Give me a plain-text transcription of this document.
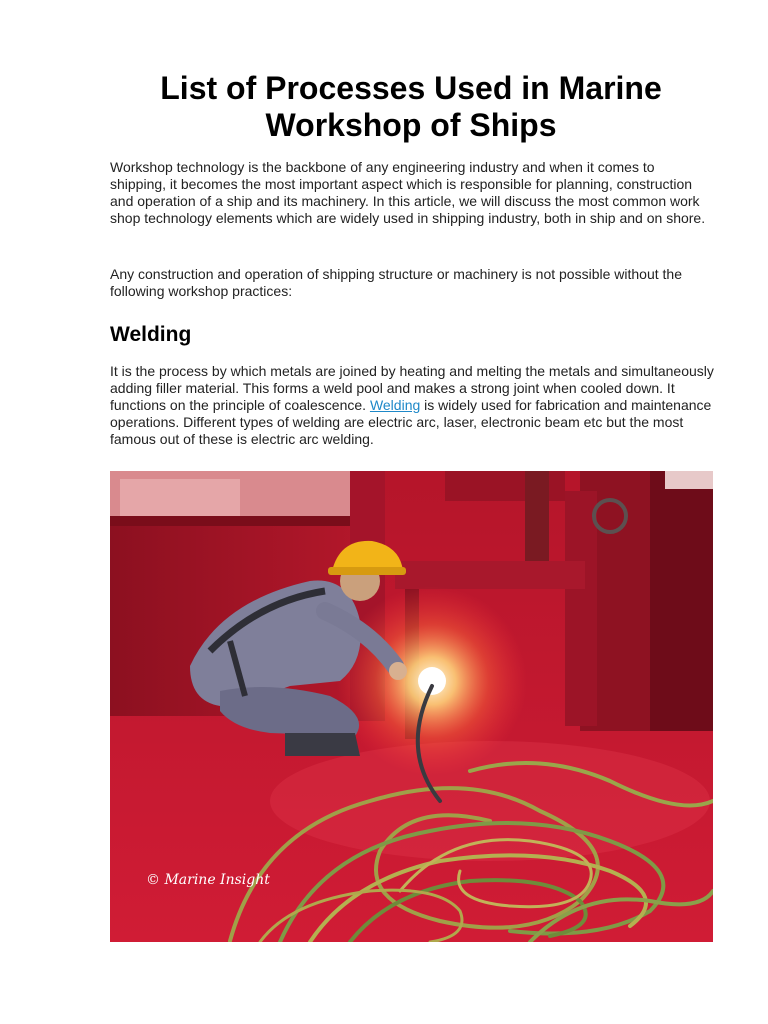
List of Processes Used in Marine Workshop of Ships

Workshop technology is the backbone of any engineering industry and when it comes to shipping, it becomes the most important aspect which is responsible for planning, construction and operation of a ship and its machinery. In this article, we will discuss the most common work shop technology elements which are widely used in shipping industry, both in ship and on shore.

Any construction and operation of shipping structure or machinery is not possible without the following workshop practices:

Welding

It is the process by which metals are joined by heating and melting the metals and simultaneously adding filler material. This forms a weld pool and makes a strong joint when cooled down. It functions on the principle of coalescence. Welding is widely used for fabrication and maintenance operations. Different types of welding are electric arc, laser, electronic beam etc but the most famous out of these is electric arc welding.

© Marine Insight
